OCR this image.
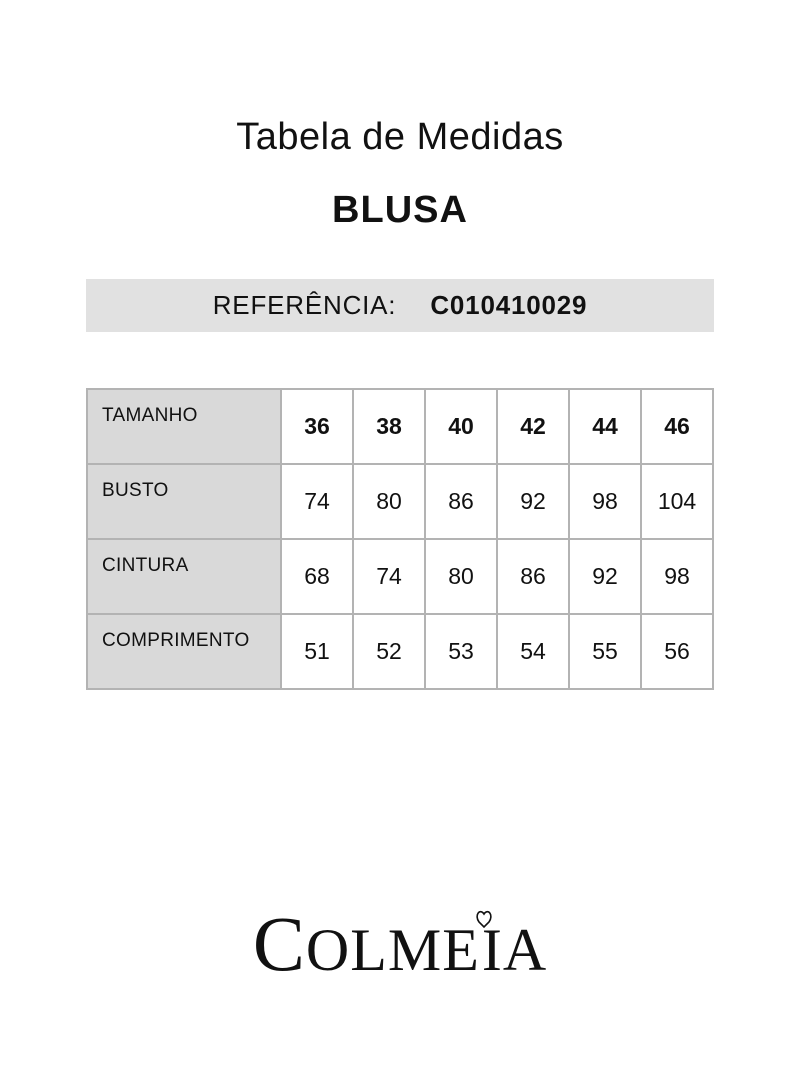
Tabela de Medidas
BLUSA
REFERÊNCIA: C010410029
TAMANHO	36	38	40	42	44	46
BUSTO	74	80	86	92	98	104
CINTURA	68	74	80	86	92	98
COMPRIMENTO	51	52	53	54	55	56
COLMEIA
